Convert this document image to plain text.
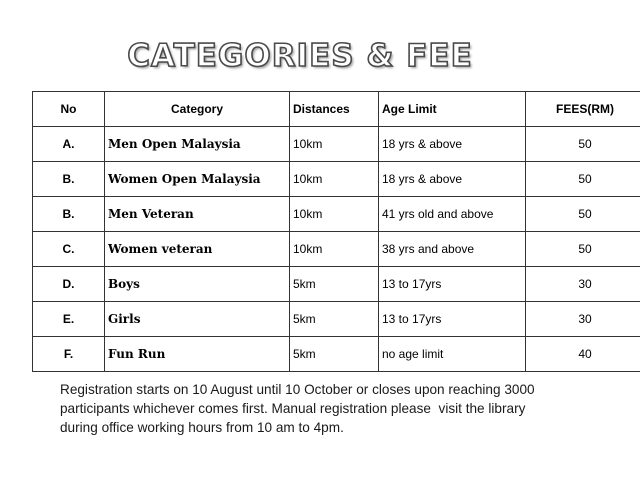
CATEGORIES & FEE
No	Category	Distances	Age Limit	FEES(RM)
A.	Men Open Malaysia	10km	18 yrs & above	50
B.	Women Open Malaysia	10km	18 yrs & above	50
B.	Men Veteran	10km	41 yrs old and above	50
C.	Women veteran	10km	38 yrs and above	50
D.	Boys	5km	13 to 17yrs	30
E.	Girls	5km	13 to 17yrs	30
F.	Fun Run	5km	no age limit	40
Registration starts on 10 August until 10 October or closes upon reaching 3000
participants whichever comes first. Manual registration please  visit the library
during office working hours from 10 am to 4pm.
